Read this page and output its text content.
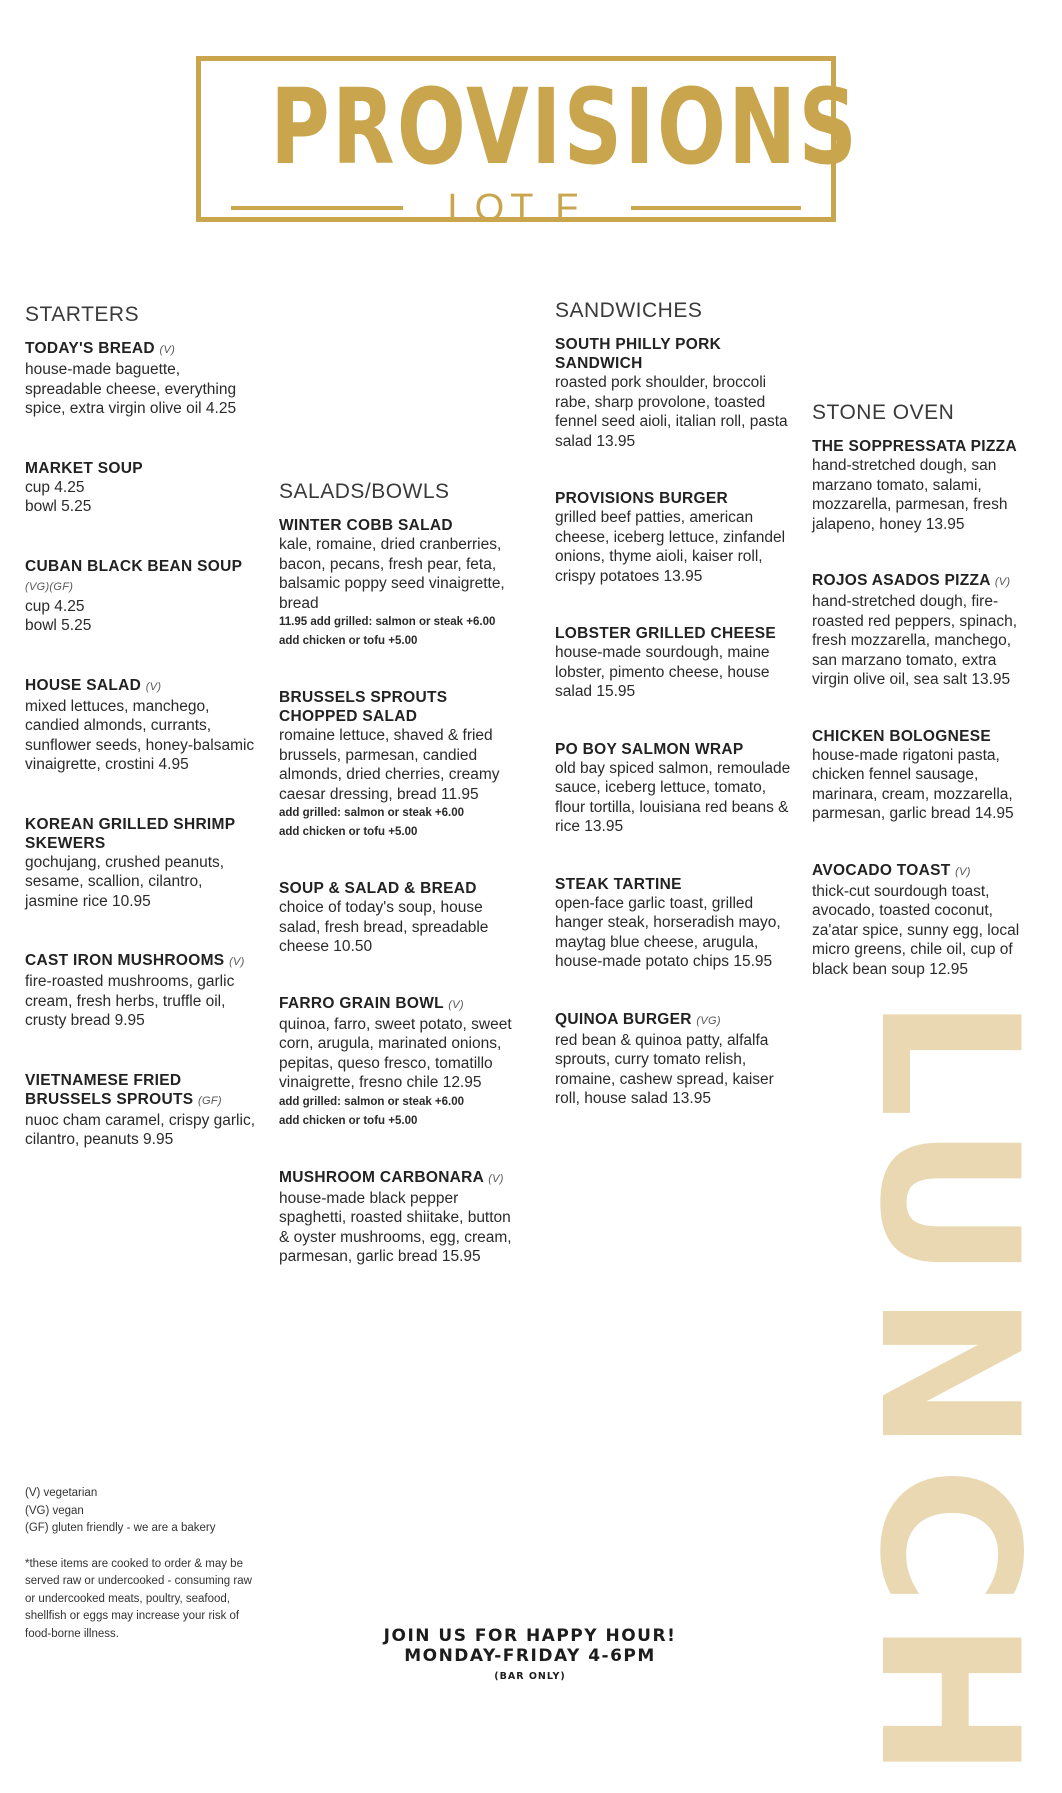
PROVISIONS
LOT F
STARTERS
TODAY'S BREAD (V)
house-made baguette, spreadable cheese, everything spice, extra virgin olive oil 4.25
MARKET SOUP
cup 4.25
bowl 5.25
CUBAN BLACK BEAN SOUP (VG)(GF)
cup 4.25
bowl 5.25
HOUSE SALAD (V)
mixed lettuces, manchego, candied almonds, currants, sunflower seeds, honey-balsamic vinaigrette, crostini 4.95
KOREAN GRILLED SHRIMP SKEWERS
gochujang, crushed peanuts, sesame, scallion, cilantro, jasmine rice 10.95
CAST IRON MUSHROOMS (V)
fire-roasted mushrooms, garlic cream, fresh herbs, truffle oil, crusty bread 9.95
VIETNAMESE FRIED BRUSSELS SPROUTS (GF)
nuoc cham caramel, crispy garlic, cilantro, peanuts 9.95
SALADS/BOWLS
WINTER COBB SALAD
kale, romaine, dried cranberries, bacon, pecans, fresh pear, feta, balsamic poppy seed vinaigrette, bread
11.95 add grilled: salmon or steak +6.00
add chicken or tofu +5.00
BRUSSELS SPROUTS CHOPPED SALAD
romaine lettuce, shaved & fried brussels, parmesan, candied almonds, dried cherries, creamy caesar dressing, bread 11.95
add grilled: salmon or steak +6.00
add chicken or tofu +5.00
SOUP & SALAD & BREAD
choice of today's soup, house salad, fresh bread, spreadable cheese 10.50
FARRO GRAIN BOWL (V)
quinoa, farro, sweet potato, sweet corn, arugula, marinated onions, pepitas, queso fresco, tomatillo vinaigrette, fresno chile 12.95
add grilled: salmon or steak +6.00
add chicken or tofu +5.00
MUSHROOM CARBONARA (V)
house-made black pepper spaghetti, roasted shiitake, button & oyster mushrooms, egg, cream, parmesan, garlic bread 15.95
SANDWICHES
SOUTH PHILLY PORK SANDWICH
roasted pork shoulder, broccoli rabe, sharp provolone, toasted fennel seed aioli, italian roll, pasta salad 13.95
PROVISIONS BURGER
grilled beef patties, american cheese, iceberg lettuce, zinfandel onions, thyme aioli, kaiser roll, crispy potatoes 13.95
LOBSTER GRILLED CHEESE
house-made sourdough, maine lobster, pimento cheese, house salad 15.95
PO BOY SALMON WRAP
old bay spiced salmon, remoulade sauce, iceberg lettuce, tomato, flour tortilla, louisiana red beans & rice 13.95
STEAK TARTINE
open-face garlic toast, grilled hanger steak, horseradish mayo, maytag blue cheese, arugula, house-made potato chips 15.95
QUINOA BURGER (VG)
red bean & quinoa patty, alfalfa sprouts, curry tomato relish, romaine, cashew spread, kaiser roll, house salad 13.95
STONE OVEN
THE SOPPRESSATA PIZZA
hand-stretched dough, san marzano tomato, salami, mozzarella, parmesan, fresh jalapeno, honey 13.95
ROJOS ASADOS PIZZA (V)
hand-stretched dough, fire-roasted red peppers, spinach, fresh mozzarella, manchego, san marzano tomato, extra virgin olive oil, sea salt 13.95
CHICKEN BOLOGNESE
house-made rigatoni pasta, chicken fennel sausage, marinara, cream, mozzarella, parmesan, garlic bread 14.95
AVOCADO TOAST (V)
thick-cut sourdough toast, avocado, toasted coconut, za'atar spice, sunny egg, local micro greens, chile oil, cup of black bean soup 12.95

(V) vegetarian

(VG) vegan

(GF) gluten friendly - we are a bakery

*these items are cooked to order & may be served raw or undercooked - consuming raw or undercooked meats, poultry, seafood, shellfish or eggs may increase your risk of food-borne illness.	JOIN US FOR HAPPY HOUR!
MONDAY-FRIDAY 4-6PM
(BAR ONLY)	LUNCH
